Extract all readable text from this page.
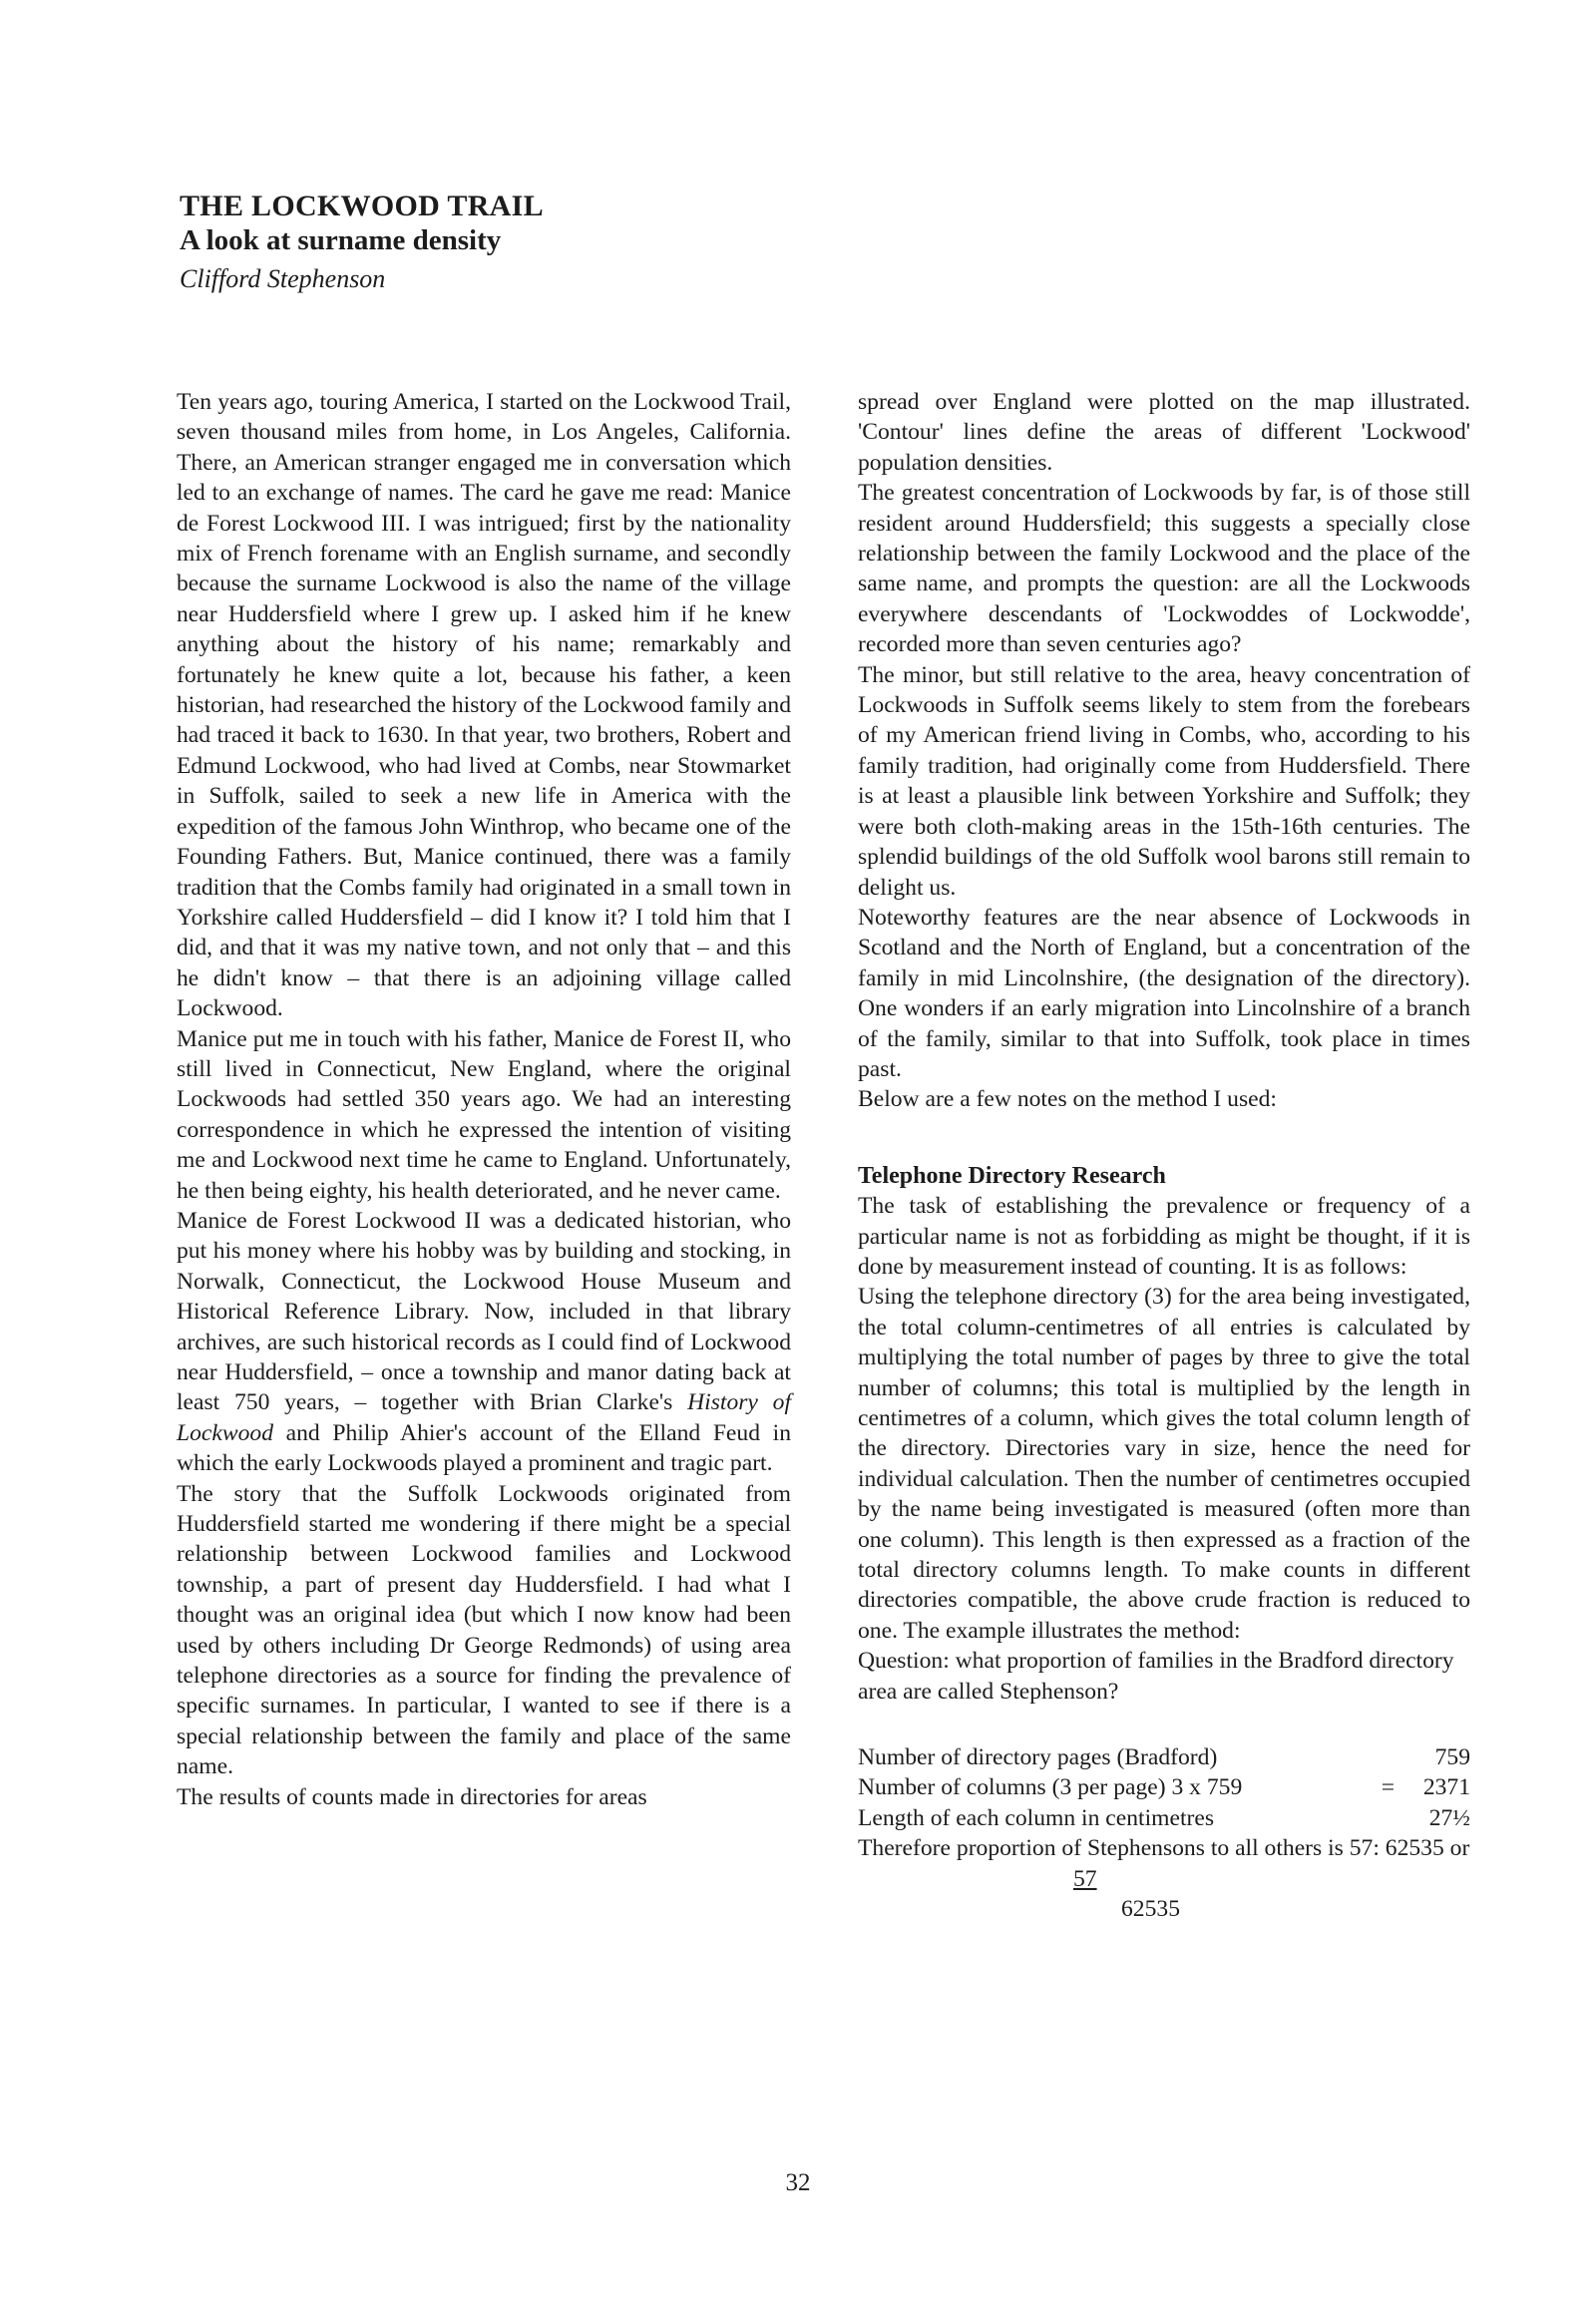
THE LOCKWOOD TRAIL
A look at surname density
Clifford Stephenson

Ten years ago, touring America, I started on the Lockwood Trail, seven thousand miles from home, in Los Angeles, California. There, an American stranger engaged me in conversation which led to an exchange of names. The card he gave me read: Manice de Forest Lockwood III. I was intrigued; first by the nationality mix of French forename with an English surname, and secondly because the surname Lockwood is also the name of the village near Huddersfield where I grew up. I asked him if he knew anything about the history of his name; remarkably and fortunately he knew quite a lot, because his father, a keen historian, had researched the history of the Lockwood family and had traced it back to 1630. In that year, two brothers, Robert and Edmund Lockwood, who had lived at Combs, near Stowmarket in Suffolk, sailed to seek a new life in America with the expedition of the famous John Winthrop, who became one of the Founding Fathers. But, Manice continued, there was a family tradition that the Combs family had originated in a small town in Yorkshire called Huddersfield – did I know it? I told him that I did, and that it was my native town, and not only that – and this he didn't know – that there is an adjoining village called Lockwood.

Manice put me in touch with his father, Manice de Forest II, who still lived in Connecticut, New England, where the original Lockwoods had settled 350 years ago. We had an interesting correspondence in which he expressed the intention of visiting me and Lockwood next time he came to England. Unfortunately, he then being eighty, his health deteriorated, and he never came.

Manice de Forest Lockwood II was a dedicated historian, who put his money where his hobby was by building and stocking, in Norwalk, Connecticut, the Lockwood House Museum and Historical Reference Library. Now, included in that library archives, are such historical records as I could find of Lockwood near Huddersfield, – once a township and manor dating back at least 750 years, – together with Brian Clarke's History of Lockwood and Philip Ahier's account of the Elland Feud in which the early Lockwoods played a prominent and tragic part.

The story that the Suffolk Lockwoods originated from Huddersfield started me wondering if there might be a special relationship between Lockwood families and Lockwood township, a part of present day Huddersfield. I had what I thought was an original idea (but which I now know had been used by others including Dr George Redmonds) of using area telephone directories as a source for finding the prevalence of specific surnames. In particular, I wanted to see if there is a special relationship between the family and place of the same name.

The results of counts made in directories for areas

spread over England were plotted on the map illustrated. 'Contour' lines define the areas of different 'Lockwood' population densities.

The greatest concentration of Lockwoods by far, is of those still resident around Huddersfield; this suggests a specially close relationship between the family Lockwood and the place of the same name, and prompts the question: are all the Lockwoods everywhere descendants of 'Lockwoddes of Lockwodde', recorded more than seven centuries ago?

The minor, but still relative to the area, heavy concentration of Lockwoods in Suffolk seems likely to stem from the forebears of my American friend living in Combs, who, according to his family tradition, had originally come from Huddersfield. There is at least a plausible link between Yorkshire and Suffolk; they were both cloth-making areas in the 15th-16th centuries. The splendid buildings of the old Suffolk wool barons still remain to delight us.

Noteworthy features are the near absence of Lockwoods in Scotland and the North of England, but a concentration of the family in mid Lincolnshire, (the designation of the directory). One wonders if an early migration into Lincolnshire of a branch of the family, similar to that into Suffolk, took place in times past.

Below are a few notes on the method I used:

Telephone Directory Research

The task of establishing the prevalence or frequency of a particular name is not as forbidding as might be thought, if it is done by measurement instead of counting. It is as follows:

Using the telephone directory (3) for the area being investigated, the total column-centimetres of all entries is calculated by multiplying the total number of pages by three to give the total number of columns; this total is multiplied by the length in centimetres of a column, which gives the total column length of the directory. Directories vary in size, hence the need for individual calculation. Then the number of centimetres occupied by the name being investigated is measured (often more than one column). This length is then expressed as a fraction of the total directory columns length. To make counts in different directories compatible, the above crude fraction is reduced to one. The example illustrates the method:

Question: what proportion of families in the Bradford directory area are called Stephenson?

Number of directory pages (Bradford)		759
Number of columns (3 per page) 3 x 759	=	2371
Length of each column in centimetres		27½
Therefore proportion of Stephensons to all others is 57: 62535 or		

57
62535		
32
